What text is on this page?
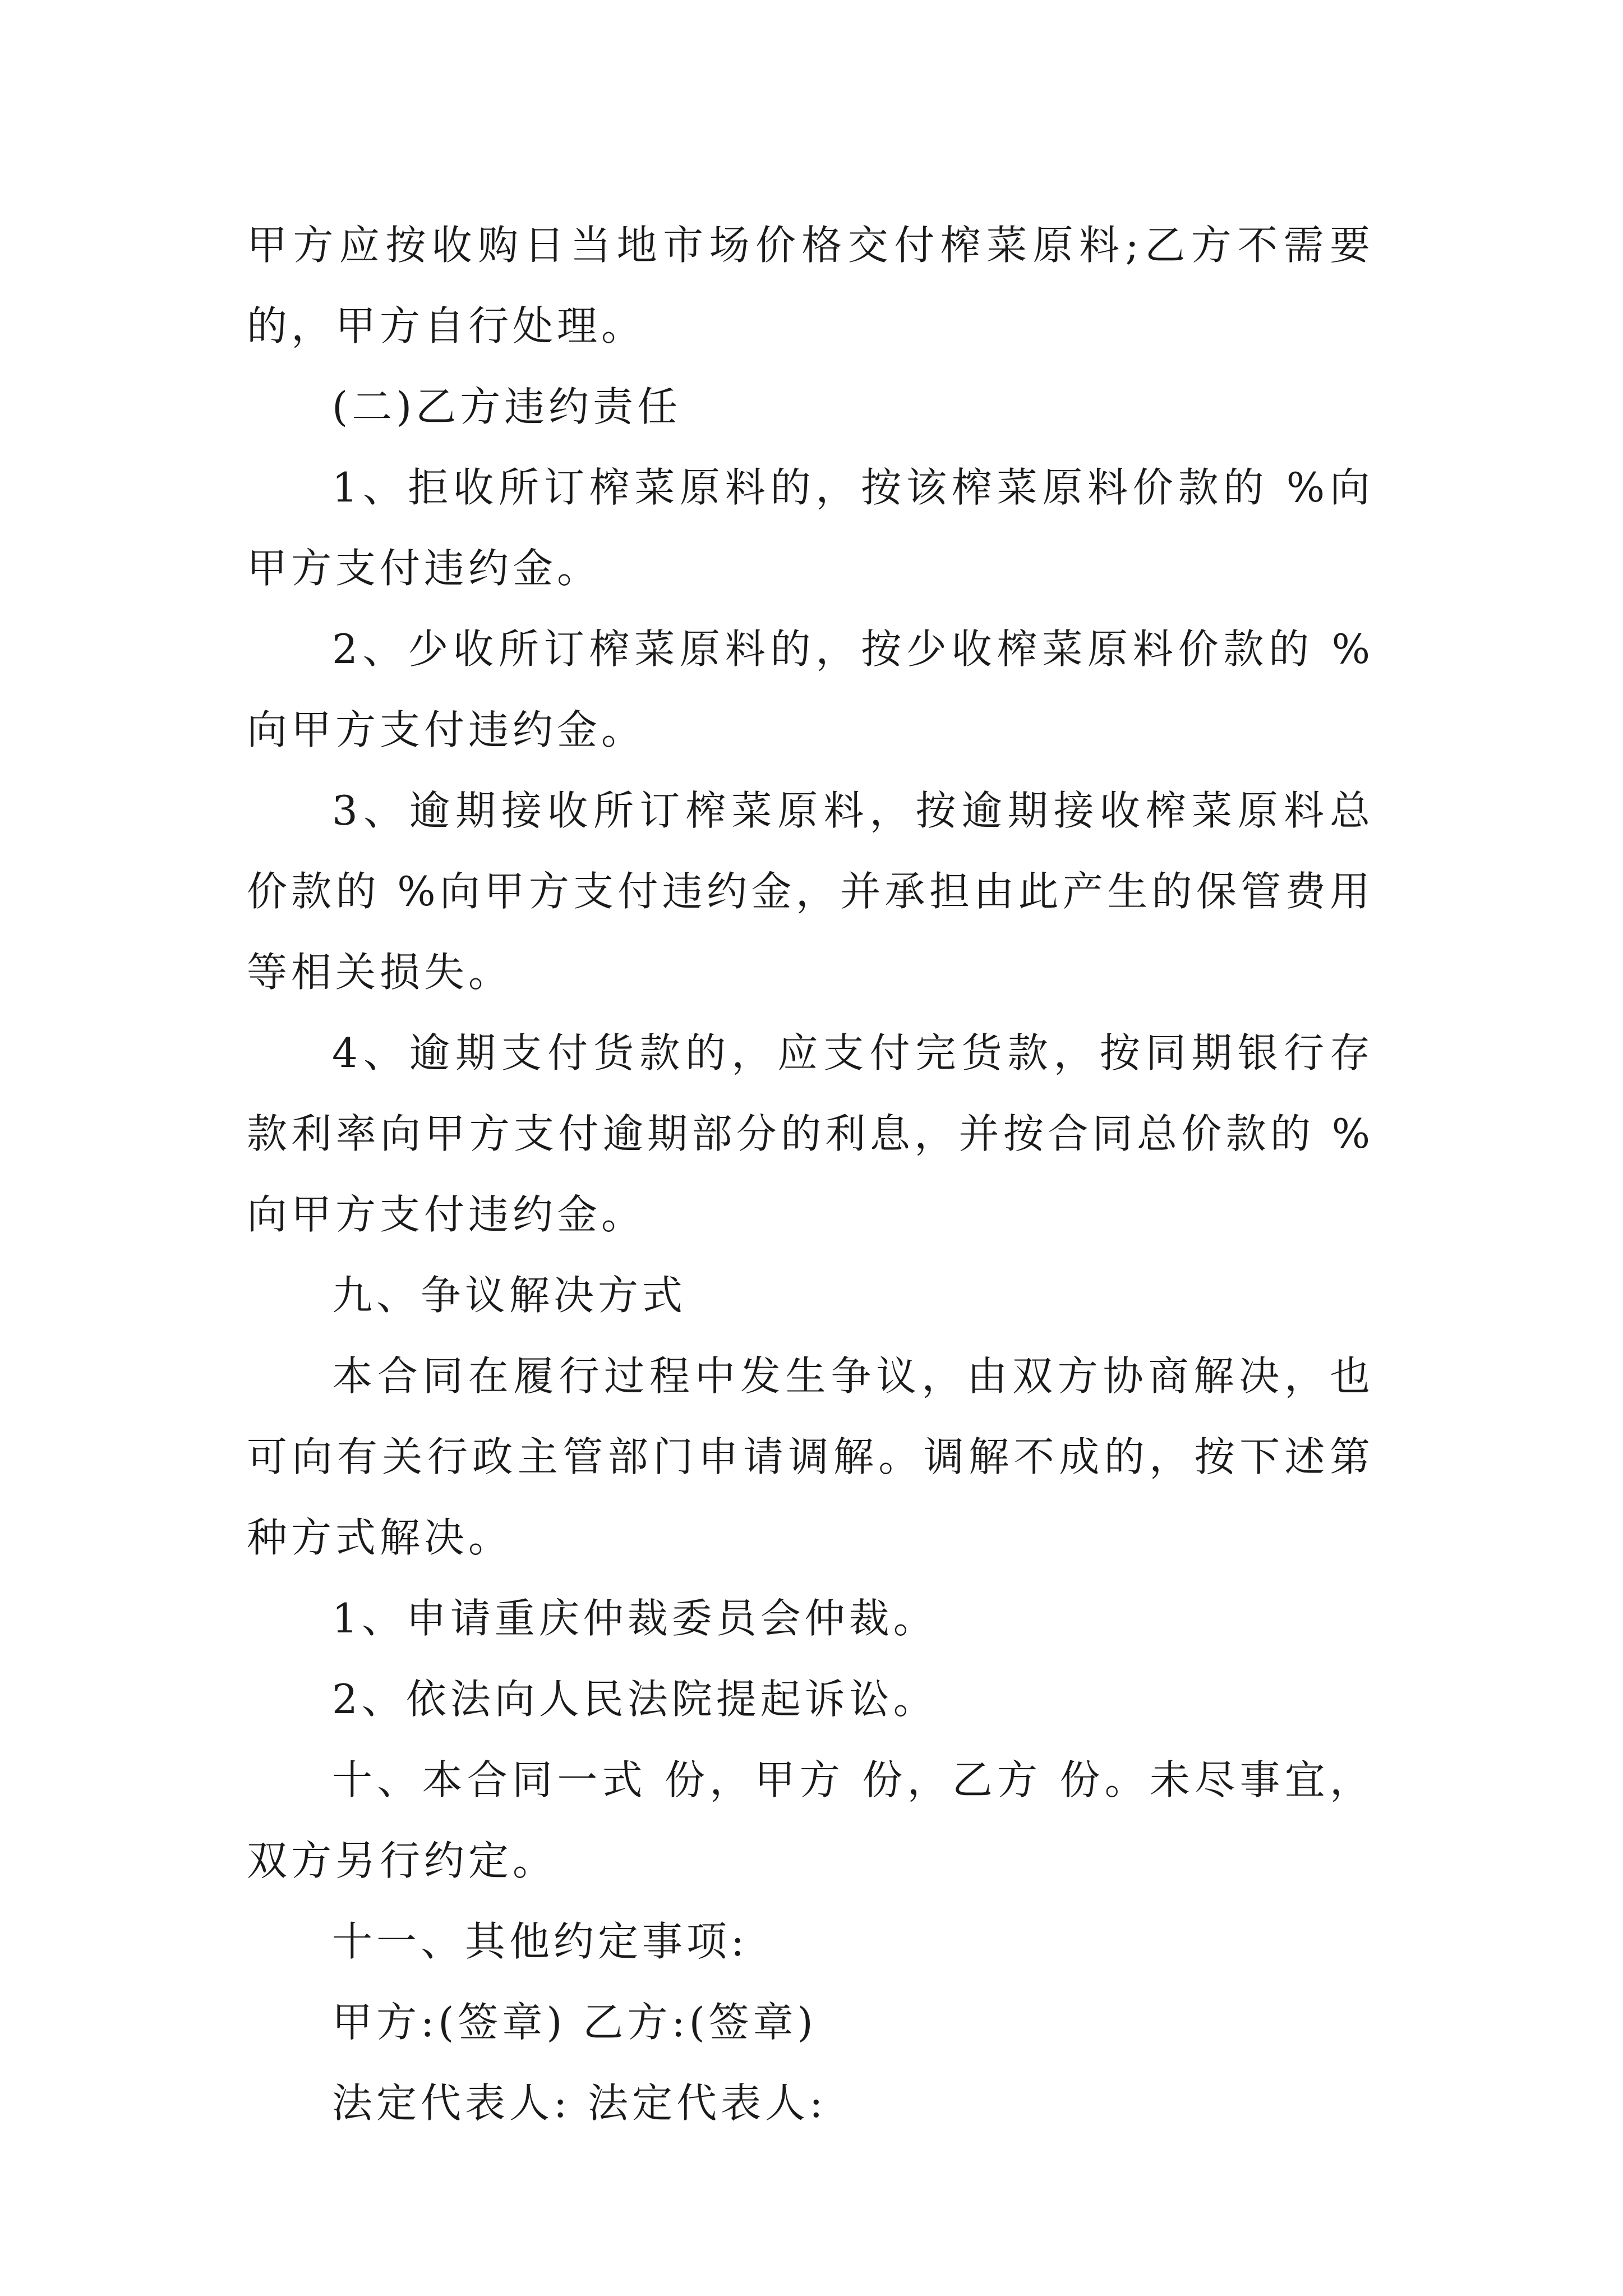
甲方应按收购日当地市场价格交付榨菜原料;乙方不需要的，甲方自行处理。

(二)乙方违约责任

1、拒收所订榨菜原料的，按该榨菜原料价款的 %向甲方支付违约金。

2、少收所订榨菜原料的，按少收榨菜原料价款的 %向甲方支付违约金。

3、逾期接收所订榨菜原料，按逾期接收榨菜原料总价款的 %向甲方支付违约金，并承担由此产生的保管费用等相关损失。

4、逾期支付货款的，应支付完货款，按同期银行存款利率向甲方支付逾期部分的利息，并按合同总价款的 %向甲方支付违约金。

九、争议解决方式

本合同在履行过程中发生争议，由双方协商解决，也可向有关行政主管部门申请调解。调解不成的，按下述第 种方式解决。

1、申请重庆仲裁委员会仲裁。

2、依法向人民法院提起诉讼。

十、本合同一式 份，甲方 份，乙方 份。未尽事宜，双方另行约定。

十一、其他约定事项:

甲方:(签章) 乙方:(签章)

法定代表人: 法定代表人:
